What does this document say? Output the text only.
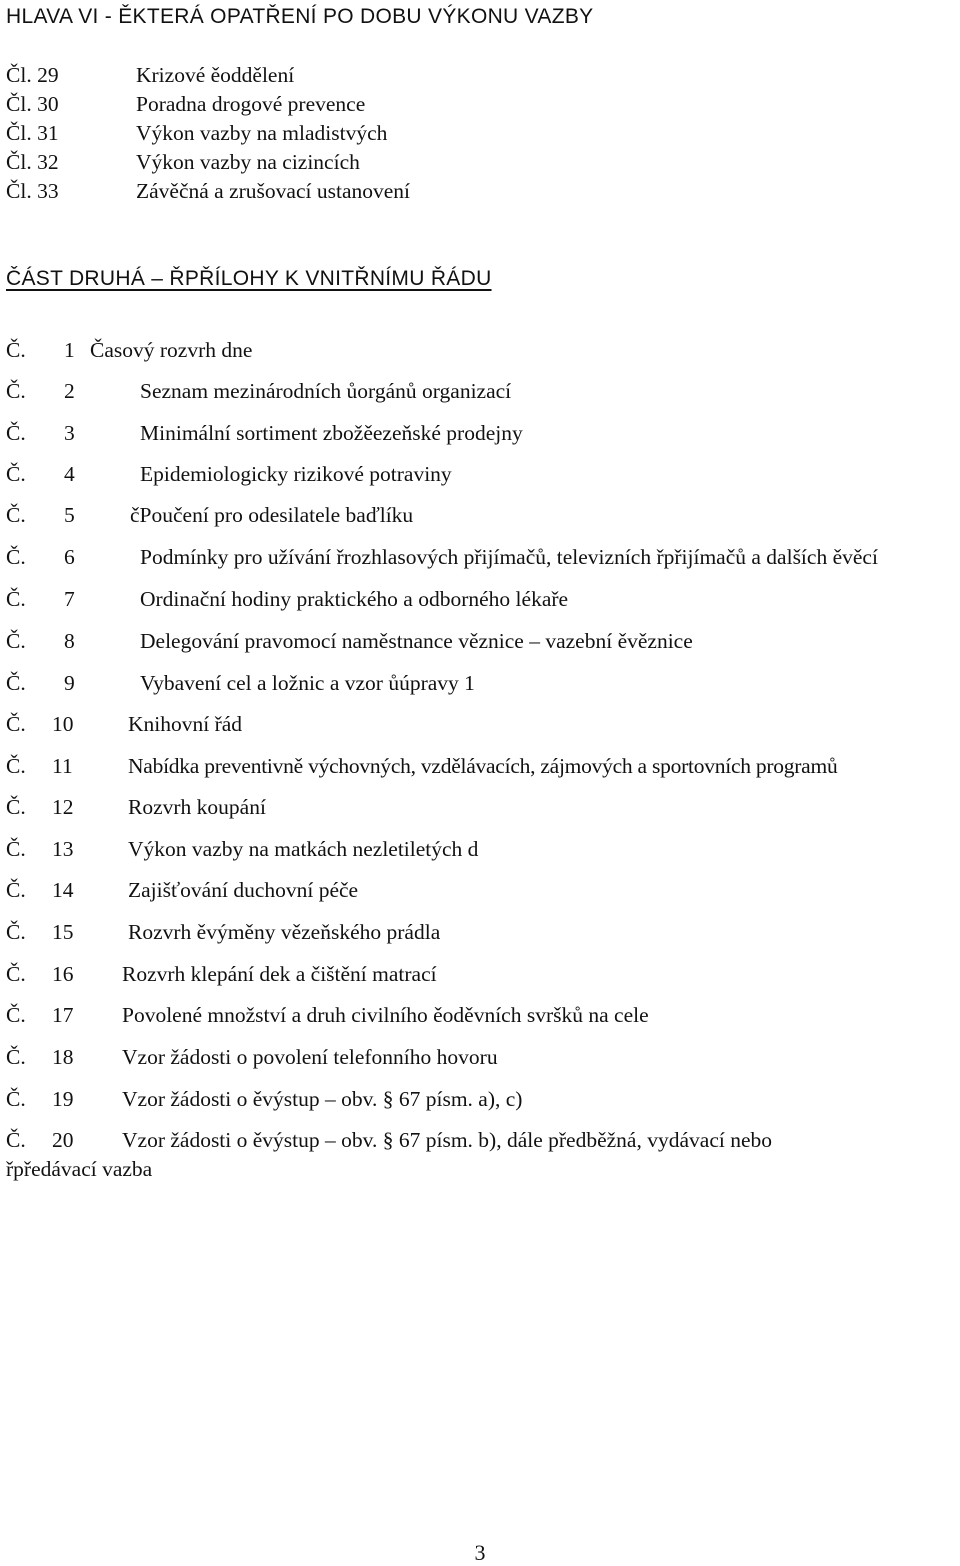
HLAVA VI - ĚKTERÁ OPATŘENÍ PO DOBU VÝKONU VAZBY
Čl. 29	Krizové ěoddělení
Čl. 30	Poradna drogové prevence
Čl. 31	Výkon vazby na mladistvých
Čl. 32	Výkon vazby na cizincích
Čl. 33	Závěčná a zrušovací ustanovení
ČÁST DRUHÁ – ŘPŘÍLOHY K VNITŘNÍMU ŘÁDU
Č. 1 Časový rozvrh dne
Č. 2	Seznam mezinárodních ůorgánů organizací
Č. 3	Minimální sortiment zbožěezeňské prodejny
Č. 4	Epidemiologicky rizikové potraviny
Č. 5	čPoučení pro odesilatele baďlíku
Č. 6	Podmínky pro užívání řrozhlasových přijímačů, televizních řpřijímačů a dalších ěvěcí
Č. 7	Ordinační hodiny praktického a odborného lékaře
Č. 8	Delegování pravomocí naměstnance věznice – vazební ěvěznice
Č. 9	Vybavení cel a ložnic a vzor ůúpravy 1
Č. 10	Knihovní řád
Č. 11	Nabídka preventivně výchovných, vzdělávacích, zájmových a sportovních programů
Č. 12	Rozvrh koupání
Č. 13	Výkon vazby na matkách nezletiletých d
Č. 14	Zajišťování duchovní péče
Č. 15	Rozvrh ěvýměny vězeňského prádla
Č. 16 Rozvrh klepání dek a čištění matrací
Č. 17 Povolené množství a druh civilního ěoděvních svršků na cele
Č. 18 Vzor žádosti o povolení telefonního hovoru
Č. 19 Vzor žádosti o ěvýstup – obv. § 67 písm. a), c)
Č. 20 Vzor žádosti o ěvýstup – obv. § 67 písm. b), dále předběžná, vydávací nebo
řpředávací vazba
3
